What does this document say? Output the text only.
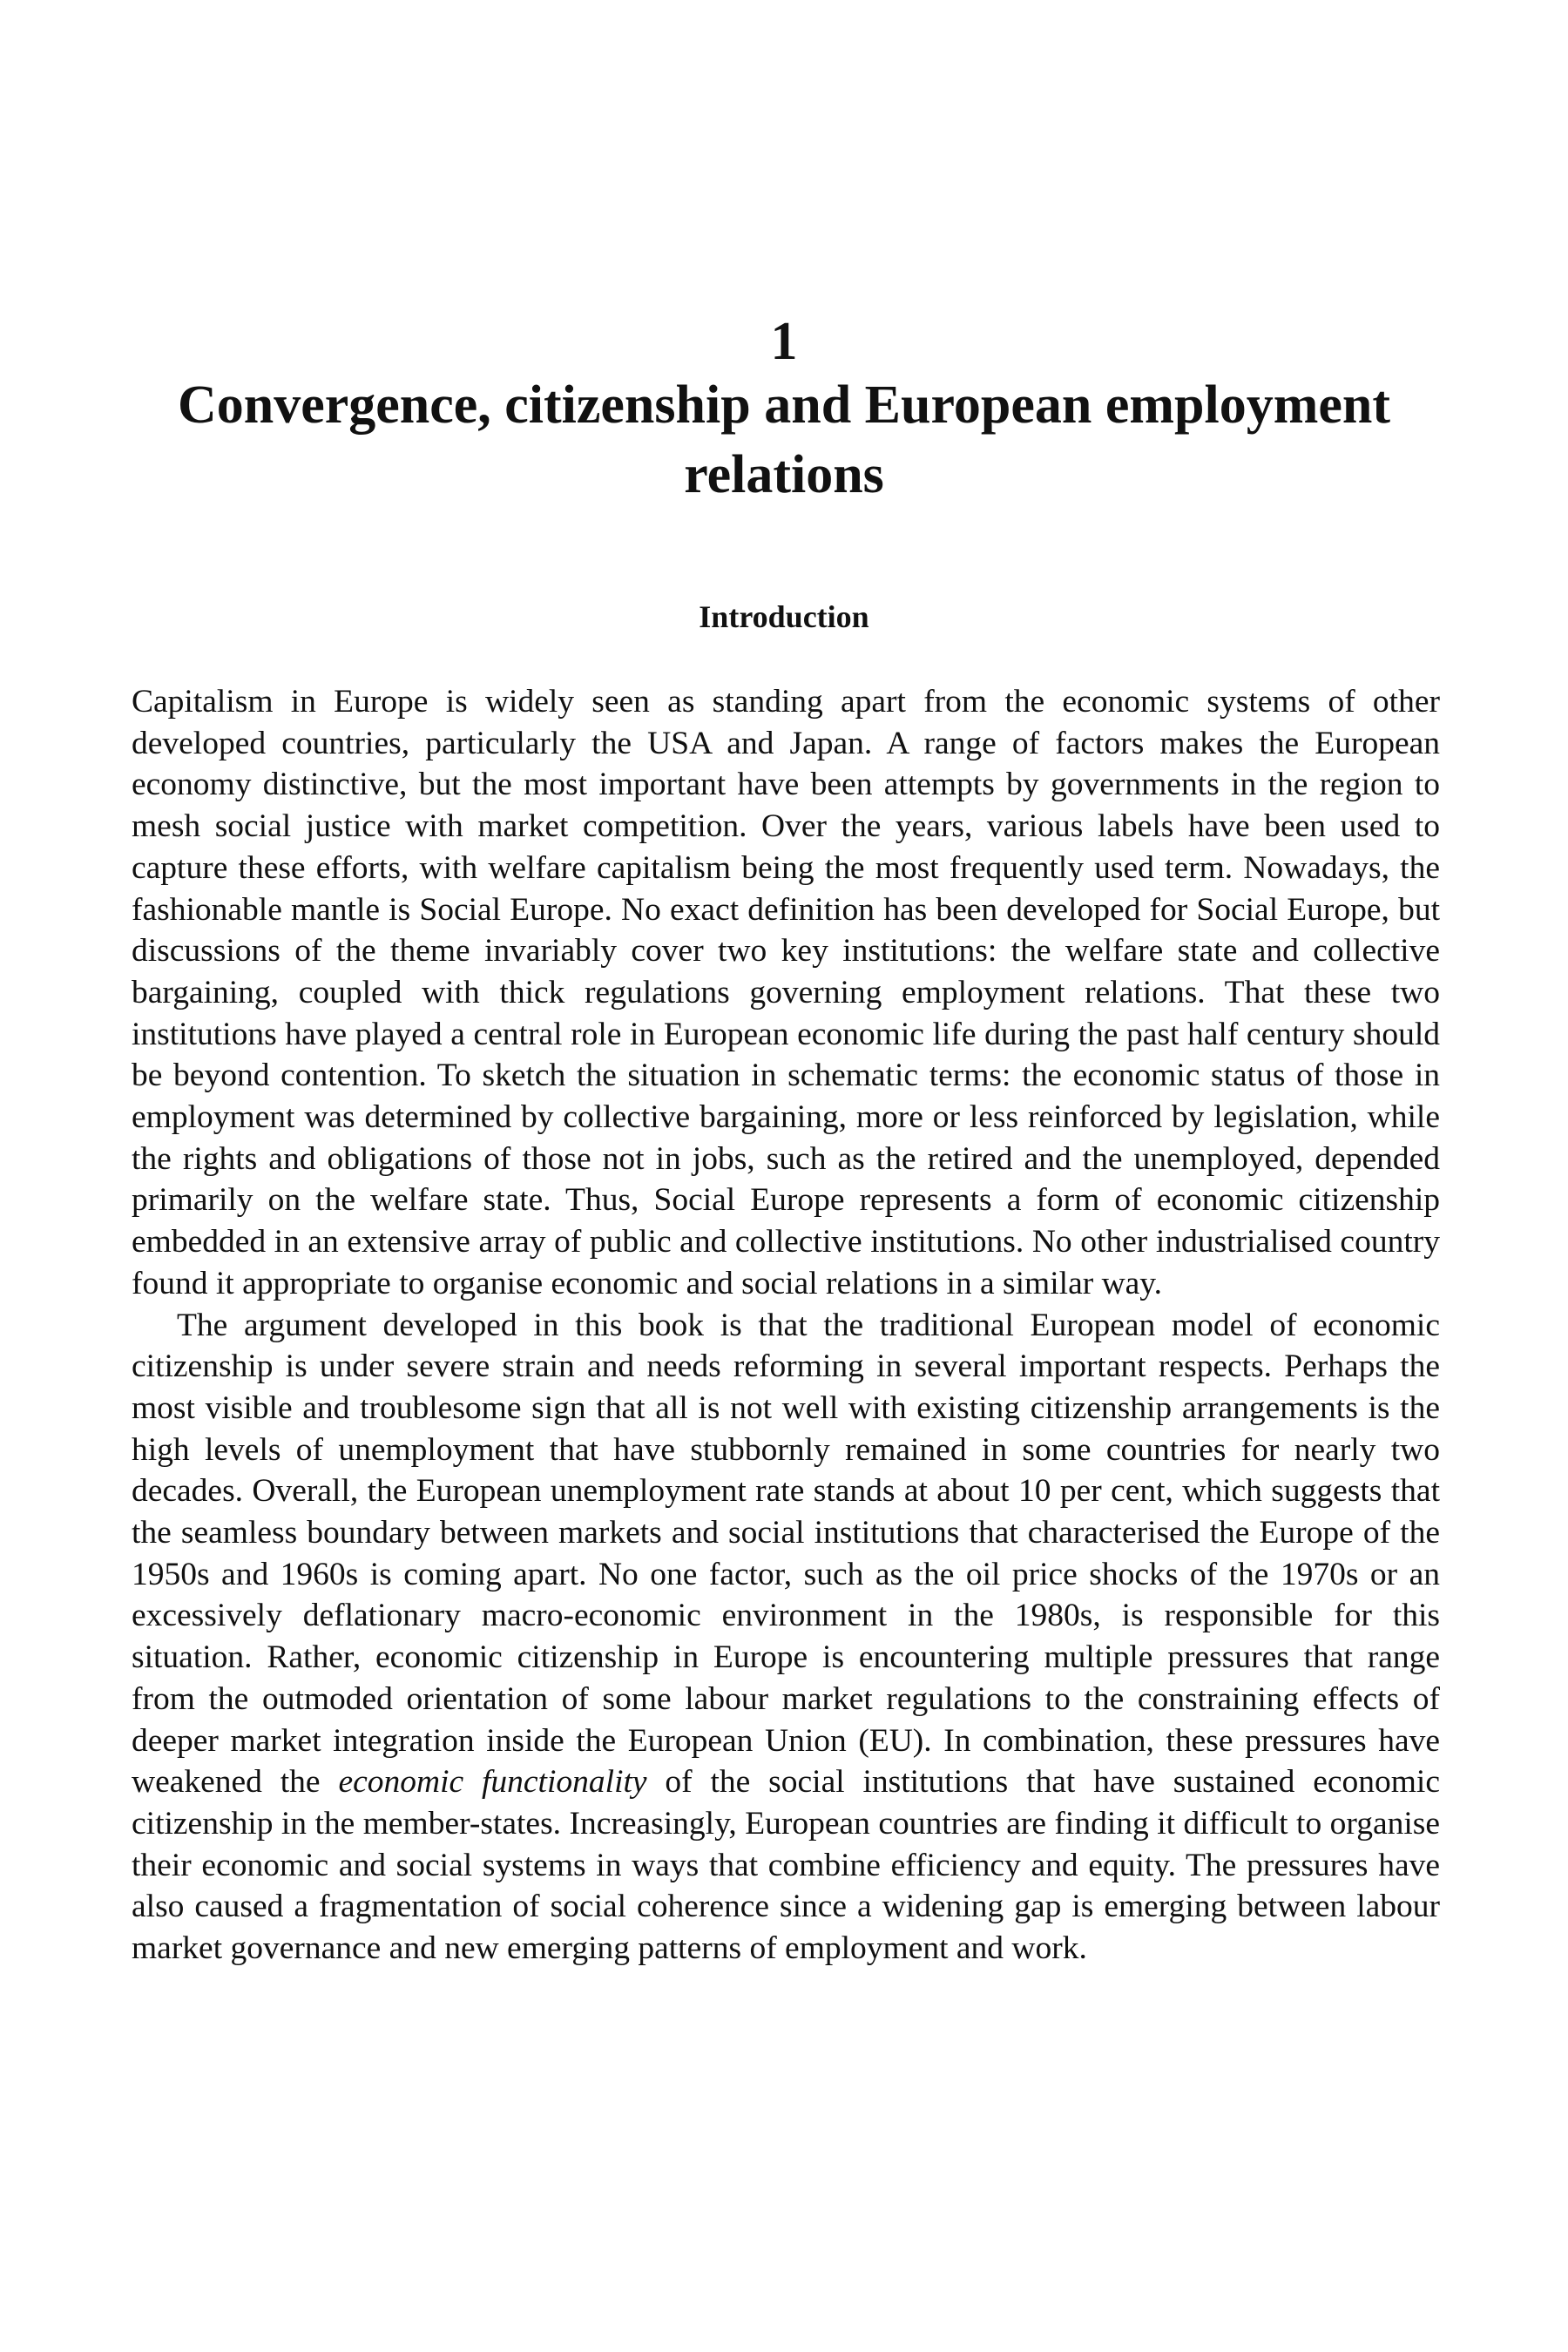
1
Convergence, citizenship and European employment relations
Introduction

Capitalism in Europe is widely seen as standing apart from the economic systems of other developed countries, particularly the USA and Japan. A range of factors makes the European economy distinctive, but the most important have been attempts by governments in the region to mesh social justice with market competition. Over the years, various labels have been used to capture these efforts, with welfare capitalism being the most frequently used term. Nowadays, the fashionable mantle is Social Europe. No exact definition has been developed for Social Europe, but discussions of the theme invariably cover two key institutions: the welfare state and collective bargaining, coupled with thick regulations governing employment relations. That these two institutions have played a central role in European economic life during the past half century should be beyond contention. To sketch the situation in schematic terms: the economic status of those in employment was determined by collective bargaining, more or less reinforced by legislation, while the rights and obligations of those not in jobs, such as the retired and the unemployed, depended primarily on the welfare state. Thus, Social Europe represents a form of economic citizenship embedded in an extensive array of public and collective institutions. No other industrialised country found it appropriate to organise economic and social relations in a similar way.

The argument developed in this book is that the traditional European model of economic citizenship is under severe strain and needs reforming in several important respects. Perhaps the most visible and troublesome sign that all is not well with existing citizenship arrangements is the high levels of unemployment that have stubbornly remained in some countries for nearly two decades. Overall, the European unemployment rate stands at about 10 per cent, which suggests that the seamless boundary between markets and social institutions that characterised the Europe of the 1950s and 1960s is coming apart. No one factor, such as the oil price shocks of the 1970s or an excessively deflationary macro-economic environment in the 1980s, is responsible for this situation. Rather, economic citizenship in Europe is encountering multiple pressures that range from the outmoded orientation of some labour market regulations to the constraining effects of deeper market integration inside the European Union (EU). In combination, these pressures have weakened the economic functionality of the social institutions that have sustained economic citizenship in the member-states. Increasingly, European countries are finding it difficult to organise their economic and social systems in ways that combine efficiency and equity. The pressures have also caused a fragmentation of social coherence since a widening gap is emerging between labour market governance and new emerging patterns of employment and work.
